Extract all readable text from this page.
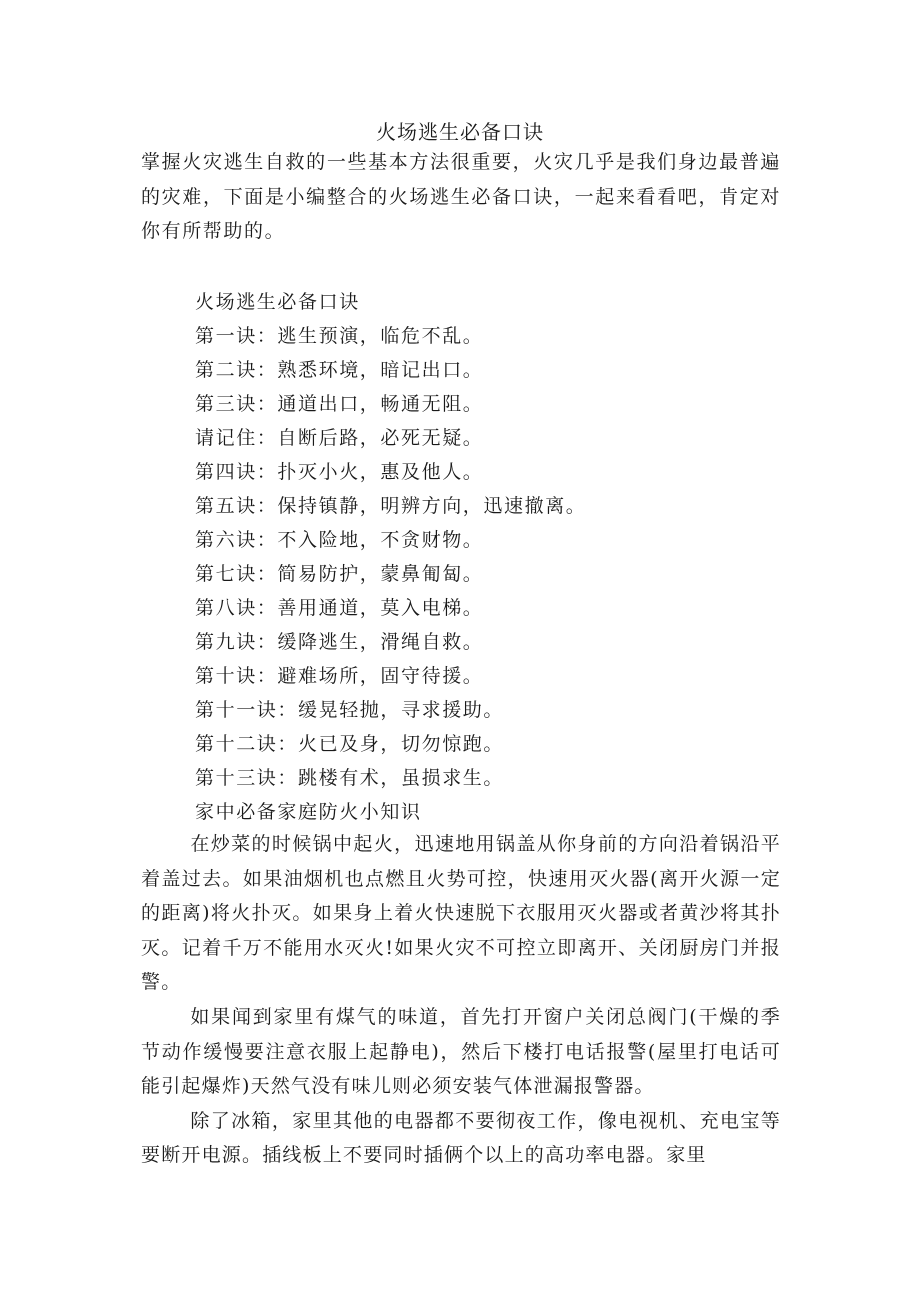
火场逃生必备口诀
掌握火灾逃生自救的一些基本方法很重要，火灾几乎是我们身边最普遍的灾难，下面是小编整合的火场逃生必备口诀，一起来看看吧，肯定对你有所帮助的。
火场逃生必备口诀
第一诀：逃生预演，临危不乱。
第二诀：熟悉环境，暗记出口。
第三诀：通道出口，畅通无阻。
请记住：自断后路，必死无疑。
第四诀：扑灭小火，惠及他人。
第五诀：保持镇静，明辨方向，迅速撤离。
第六诀：不入险地，不贪财物。
第七诀：简易防护，蒙鼻匍匐。
第八诀：善用通道，莫入电梯。
第九诀：缓降逃生，滑绳自救。
第十诀：避难场所，固守待援。
第十一诀：缓晃轻抛，寻求援助。
第十二诀：火已及身，切勿惊跑。
第十三诀：跳楼有术，虽损求生。
家中必备家庭防火小知识

在炒菜的时候锅中起火，迅速地用锅盖从你身前的方向沿着锅沿平着盖过去。如果油烟机也点燃且火势可控，快速用灭火器(离开火源一定的距离)将火扑灭。如果身上着火快速脱下衣服用灭火器或者黄沙将其扑灭。记着千万不能用水灭火!如果火灾不可控立即离开、关闭厨房门并报警。

如果闻到家里有煤气的味道，首先打开窗户关闭总阀门(干燥的季节动作缓慢要注意衣服上起静电)，然后下楼打电话报警(屋里打电话可能引起爆炸)天然气没有味儿则必须安装气体泄漏报警器。

除了冰箱，家里其他的电器都不要彻夜工作，像电视机、充电宝等要断开电源。插线板上不要同时插俩个以上的高功率电器。家里
